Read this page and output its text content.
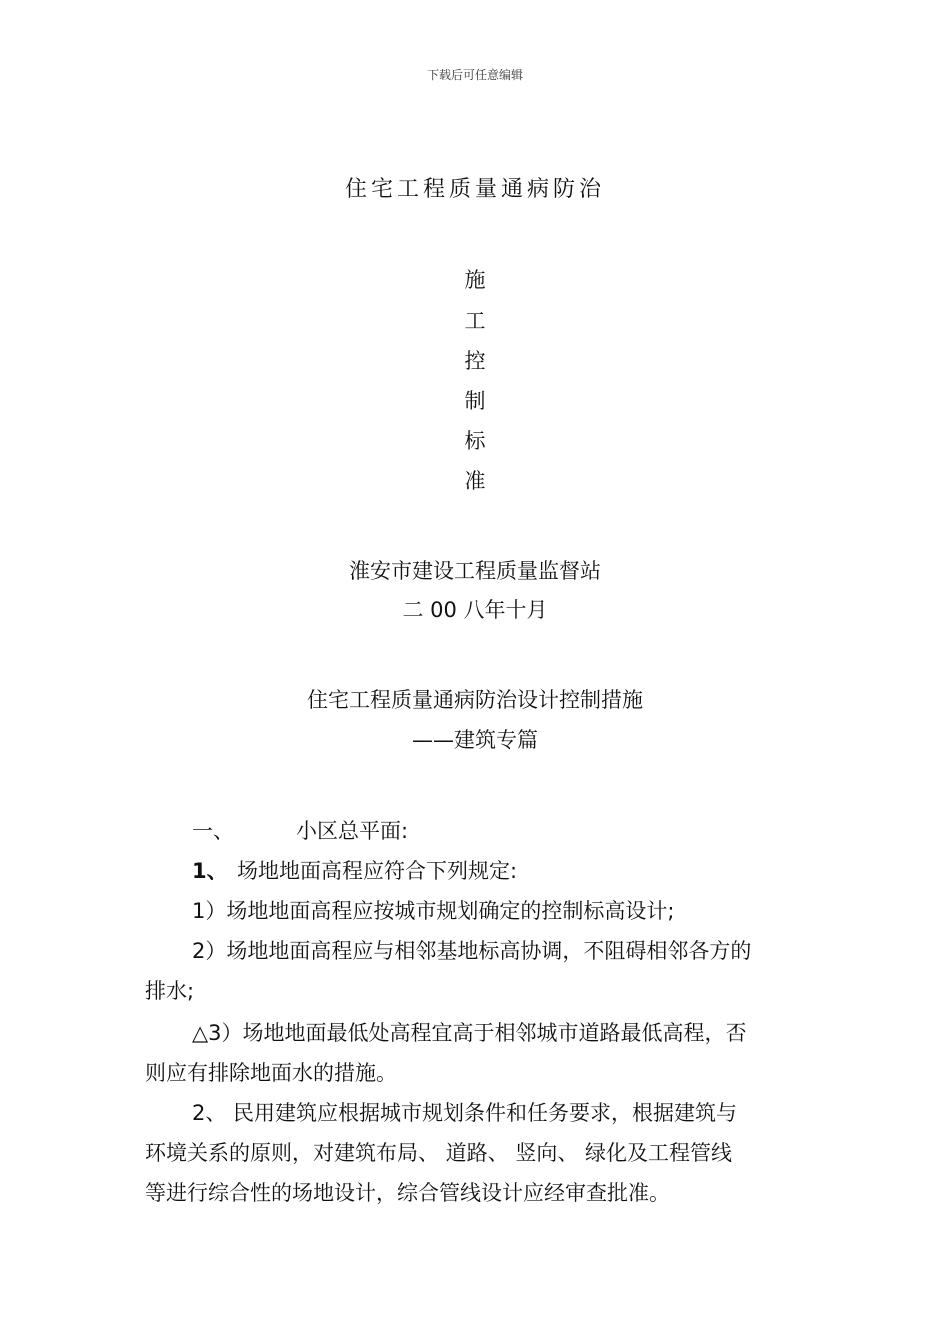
下载后可任意编辑
住宅工程质量通病防治
施
工
控
制
标
准
淮安市建设工程质量监督站
二 00 八年十月
住宅工程质量通病防治设计控制措施
——建筑专篇
一、	小区总平面:
1、 场地地面高程应符合下列规定:
1）场地地面高程应按城市规划确定的控制标高设计;
2）场地地面高程应与相邻基地标高协调，不阻碍相邻各方的
排水;
△3）场地地面最低处高程宜高于相邻城市道路最低高程，否
则应有排除地面水的措施。
2、 民用建筑应根据城市规划条件和任务要求，根据建筑与
环境关系的原则，对建筑布局、 道路、 竖向、 绿化及工程管线
等进行综合性的场地设计，综合管线设计应经审查批准。
